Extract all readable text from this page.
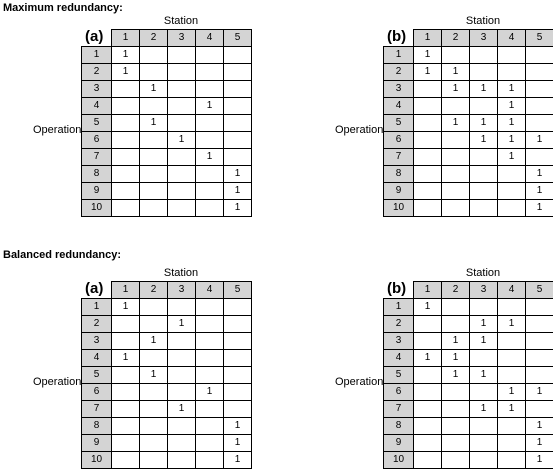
Maximum redundancy:
Station
(a)
Operation
	1	2	3	4	5
1	1				
2	1				
3		1			
4				1	
5		1			
6			1		
7				1	
8					1
9					1
10					1
Station
(b)
Operation
	1	2	3	4	5
1	1				
2	1	1			
3		1	1	1	
4				1	
5		1	1	1	
6			1	1	1
7				1	
8					1
9					1
10					1
Balanced redundancy:
Station
(a)
Operation
	1	2	3	4	5
1	1				
2			1		
3		1			
4	1				
5		1			
6				1	
7			1		
8					1
9					1
10					1
Station
(b)
Operation
	1	2	3	4	5
1	1				
2			1	1	
3		1	1		
4	1	1			
5		1	1		
6				1	1
7			1	1	
8					1
9					1
10					1
